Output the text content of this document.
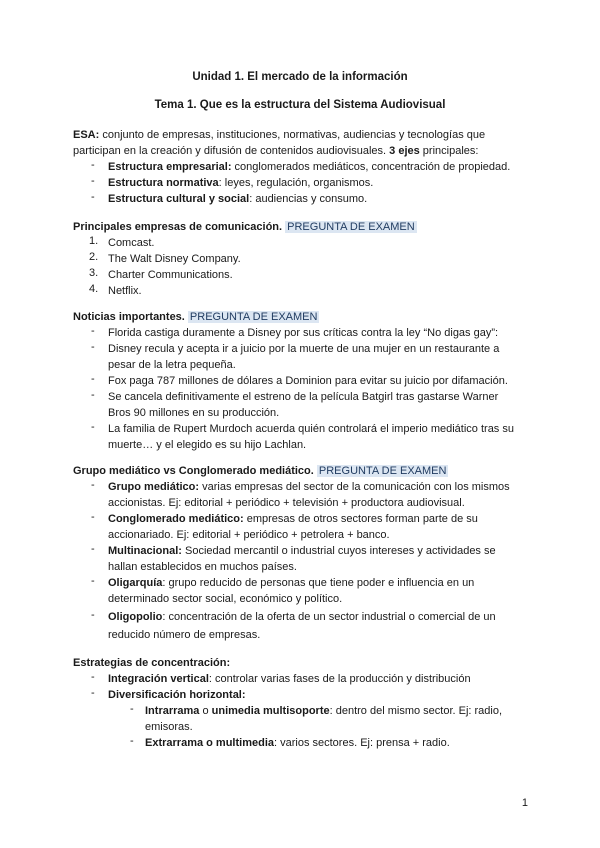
Unidad 1. El mercado de la información
Tema 1. Que es la estructura del Sistema Audiovisual
ESA: conjunto de empresas, instituciones, normativas, audiencias y tecnologías que
participan en la creación y difusión de contenidos audiovisuales. 3 ejes principales:
-	Estructura empresarial: conglomerados mediáticos, concentración de propiedad.
-	Estructura normativa: leyes, regulación, organismos.
-	Estructura cultural y social: audiencias y consumo.
Principales empresas de comunicación. PREGUNTA DE EXAMEN
1. Comcast.
2. The Walt Disney Company.
3. Charter Communications.
4. Netflix.
Noticias importantes. PREGUNTA DE EXAMEN
-	Florida castiga duramente a Disney por sus críticas contra la ley “No digas gay”:
-	Disney recula y acepta ir a juicio por la muerte de una mujer en un restaurante a
pesar de la letra pequeña.
-	Fox paga 787 millones de dólares a Dominion para evitar su juicio por difamación.
-	Se cancela definitivamente el estreno de la película Batgirl tras gastarse Warner
Bros 90 millones en su producción.
-	La familia de Rupert Murdoch acuerda quién controlará el imperio mediático tras su
muerte… y el elegido es su hijo Lachlan.
Grupo mediático vs Conglomerado mediático. PREGUNTA DE EXAMEN
-	Grupo mediático: varias empresas del sector de la comunicación con los mismos
accionistas. Ej: editorial + periódico + televisión + productora audiovisual.
-	Conglomerado mediático: empresas de otros sectores forman parte de su
accionariado. Ej: editorial + periódico + petrolera + banco.
-	Multinacional: Sociedad mercantil o industrial cuyos intereses y actividades se
hallan establecidos en muchos países.
-	Oligarquía: grupo reducido de personas que tiene poder e influencia en un
determinado sector social, económico y político.
-	Oligopolio: concentración de la oferta de un sector industrial o comercial de un
reducido número de empresas.
Estrategias de concentración:
-	Integración vertical: controlar varias fases de la producción y distribución
-	Diversificación horizontal:
- Intrarrama o unimedia multisoporte: dentro del mismo sector. Ej: radio,
emisoras.
- Extrarrama o multimedia: varios sectores. Ej: prensa + radio.
1
